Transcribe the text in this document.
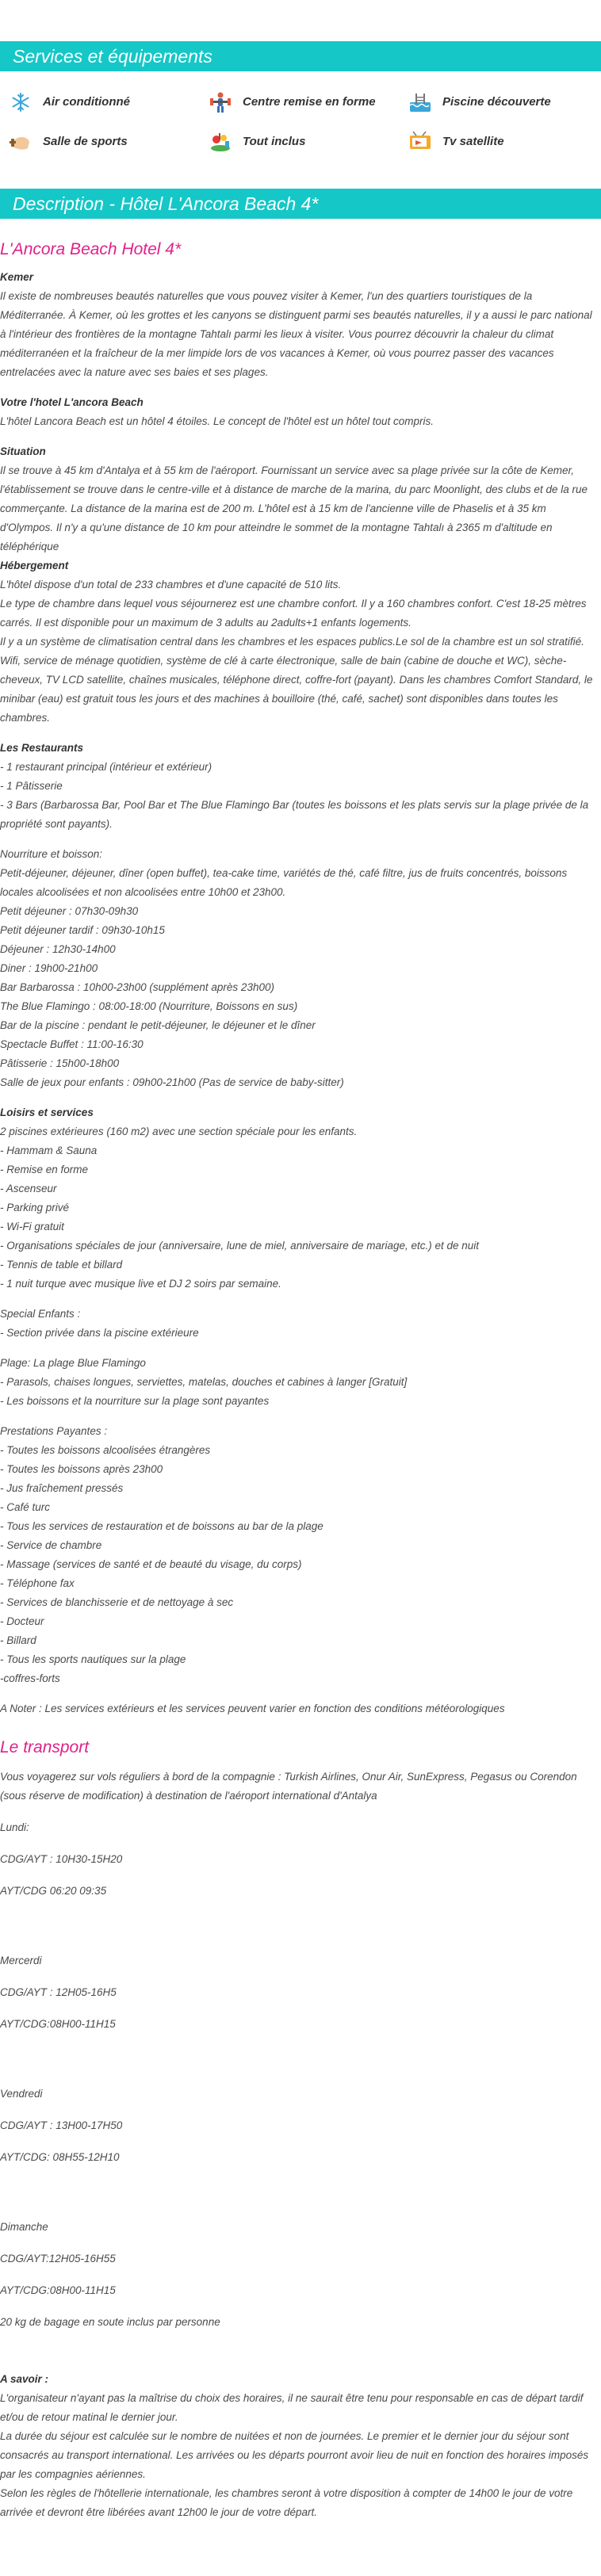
Services et équipements
Air conditionné	Centre remise en forme	Piscine découverte
Salle de sports	Tout inclus	Tv satellite
Description - Hôtel L'Ancora Beach 4*
L'Ancora Beach Hotel 4*
Kemer

Il existe de nombreuses beautés naturelles que vous pouvez visiter à Kemer, l'un des quartiers touristiques de la Méditerranée. À Kemer, où les grottes et les canyons se distinguent parmi ses beautés naturelles, il y a aussi le parc national à l'intérieur des frontières de la montagne Tahtalı parmi les lieux à visiter. Vous pourrez découvrir la chaleur du climat méditerranéen et la fraîcheur de la mer limpide lors de vos vacances à Kemer, où vous pourrez passer des vacances entrelacées avec la nature avec ses baies et ses plages.

Votre l'hotel L'ancora Beach

L'hôtel Lancora Beach est un hôtel 4 étoiles. Le concept de l'hôtel est un hôtel tout compris.

Situation

Il se trouve à 45 km d'Antalya et à 55 km de l'aéroport. Fournissant un service avec sa plage privée sur la côte de Kemer, l'établissement se trouve dans le centre-ville et à distance de marche de la marina, du parc Moonlight, des clubs et de la rue commerçante. La distance de la marina est de 200 m. L'hôtel est à 15 km de l'ancienne ville de Phaselis et à 35 km d'Olympos. Il n'y a qu'une distance de 10 km pour atteindre le sommet de la montagne Tahtalı à 2365 m d'altitude en téléphérique

Hébergement
L'hôtel dispose d'un total de 233 chambres et d'une capacité de 510 lits.
Le type de chambre dans lequel vous séjournerez est une chambre confort. Il y a 160 chambres confort. C'est 18-25 mètres carrés. Il est disponible pour un maximum de 3 adults au 2adults+1 enfants logements.
Il y a un système de climatisation central dans les chambres et les espaces publics.Le sol de la chambre est un sol stratifié. Wifi, service de ménage quotidien, système de clé à carte électronique, salle de bain (cabine de douche et WC), sèche-cheveux, TV LCD satellite, chaînes musicales, téléphone direct, coffre-fort (payant). Dans les chambres Comfort Standard, le minibar (eau) est gratuit tous les jours et des machines à bouilloire (thé, café, sachet) sont disponibles dans toutes les chambres.
Les Restaurants
- 1 restaurant principal (intérieur et extérieur)
- 1 Pâtisserie
- 3 Bars (Barbarossa Bar, Pool Bar et The Blue Flamingo Bar (toutes les boissons et les plats servis sur la plage privée de la propriété sont payants).
Nourriture et boisson:
Petit-déjeuner, déjeuner, dîner (open buffet), tea-cake time, variétés de thé, café filtre, jus de fruits concentrés, boissons locales alcoolisées et non alcoolisées entre 10h00 et 23h00.
Petit déjeuner : 07h30-09h30
Petit déjeuner tardif : 09h30-10h15
Déjeuner : 12h30-14h00
Diner : 19h00-21h00
Bar Barbarossa : 10h00-23h00 (supplément après 23h00)
The Blue Flamingo : 08:00-18:00 (Nourriture, Boissons en sus)
Bar de la piscine : pendant le petit-déjeuner, le déjeuner et le dîner
Spectacle Buffet : 11:00-16:30
Pâtisserie : 15h00-18h00
Salle de jeux pour enfants : 09h00-21h00 (Pas de service de baby-sitter)
Loisirs et services
2 piscines extérieures (160 m2) avec une section spéciale pour les enfants.
- Hammam & Sauna
- Remise en forme
- Ascenseur
- Parking privé
- Wi-Fi gratuit
- Organisations spéciales de jour (anniversaire, lune de miel, anniversaire de mariage, etc.) et de nuit
- Tennis de table et billard
- 1 nuit turque avec musique live et DJ 2 soirs par semaine.
Special Enfants :
- Section privée dans la piscine extérieure
Plage: La plage Blue Flamingo
- Parasols, chaises longues, serviettes, matelas, douches et cabines à langer [Gratuit]
- Les boissons et la nourriture sur la plage sont payantes
Prestations Payantes :
- Toutes les boissons alcoolisées étrangères
- Toutes les boissons après 23h00
- Jus fraîchement pressés
- Café turc
- Tous les services de restauration et de boissons au bar de la plage
- Service de chambre
- Massage (services de santé et de beauté du visage, du corps)
- Téléphone fax
- Services de blanchisserie et de nettoyage à sec
- Docteur
- Billard
- Tous les sports nautiques sur la plage
-coffres-forts
A Noter : Les services extérieurs et les services peuvent varier en fonction des conditions météorologiques
Le transport

Vous voyagerez sur vols réguliers à bord de la compagnie : Turkish Airlines, Onur Air, SunExpress, Pegasus ou Corendon (sous réserve de modification) à destination de l'aéroport international d'Antalya

Lundi:
CDG/AYT : 10H30-15H20
AYT/CDG 06:20 09:35
Mercerdi
CDG/AYT : 12H05-16H5
AYT/CDG:08H00-11H15
Vendredi
CDG/AYT : 13H00-17H50
AYT/CDG: 08H55-12H10
Dimanche
CDG/AYT:12H05-16H55
AYT/CDG:08H00-11H15
20 kg de bagage en soute inclus par personne
A savoir :
L'organisateur n'ayant pas la maîtrise du choix des horaires, il ne saurait être tenu pour responsable en cas de départ tardif et/ou de retour matinal le dernier jour.
La durée du séjour est calculée sur le nombre de nuitées et non de journées. Le premier et le dernier jour du séjour sont consacrés au transport international. Les arrivées ou les départs pourront avoir lieu de nuit en fonction des horaires imposés par les compagnies aériennes.
Selon les règles de l'hôtellerie internationale, les chambres seront à votre disposition à compter de 14h00 le jour de votre arrivée et devront être libérées avant 12h00 le jour de votre départ.
